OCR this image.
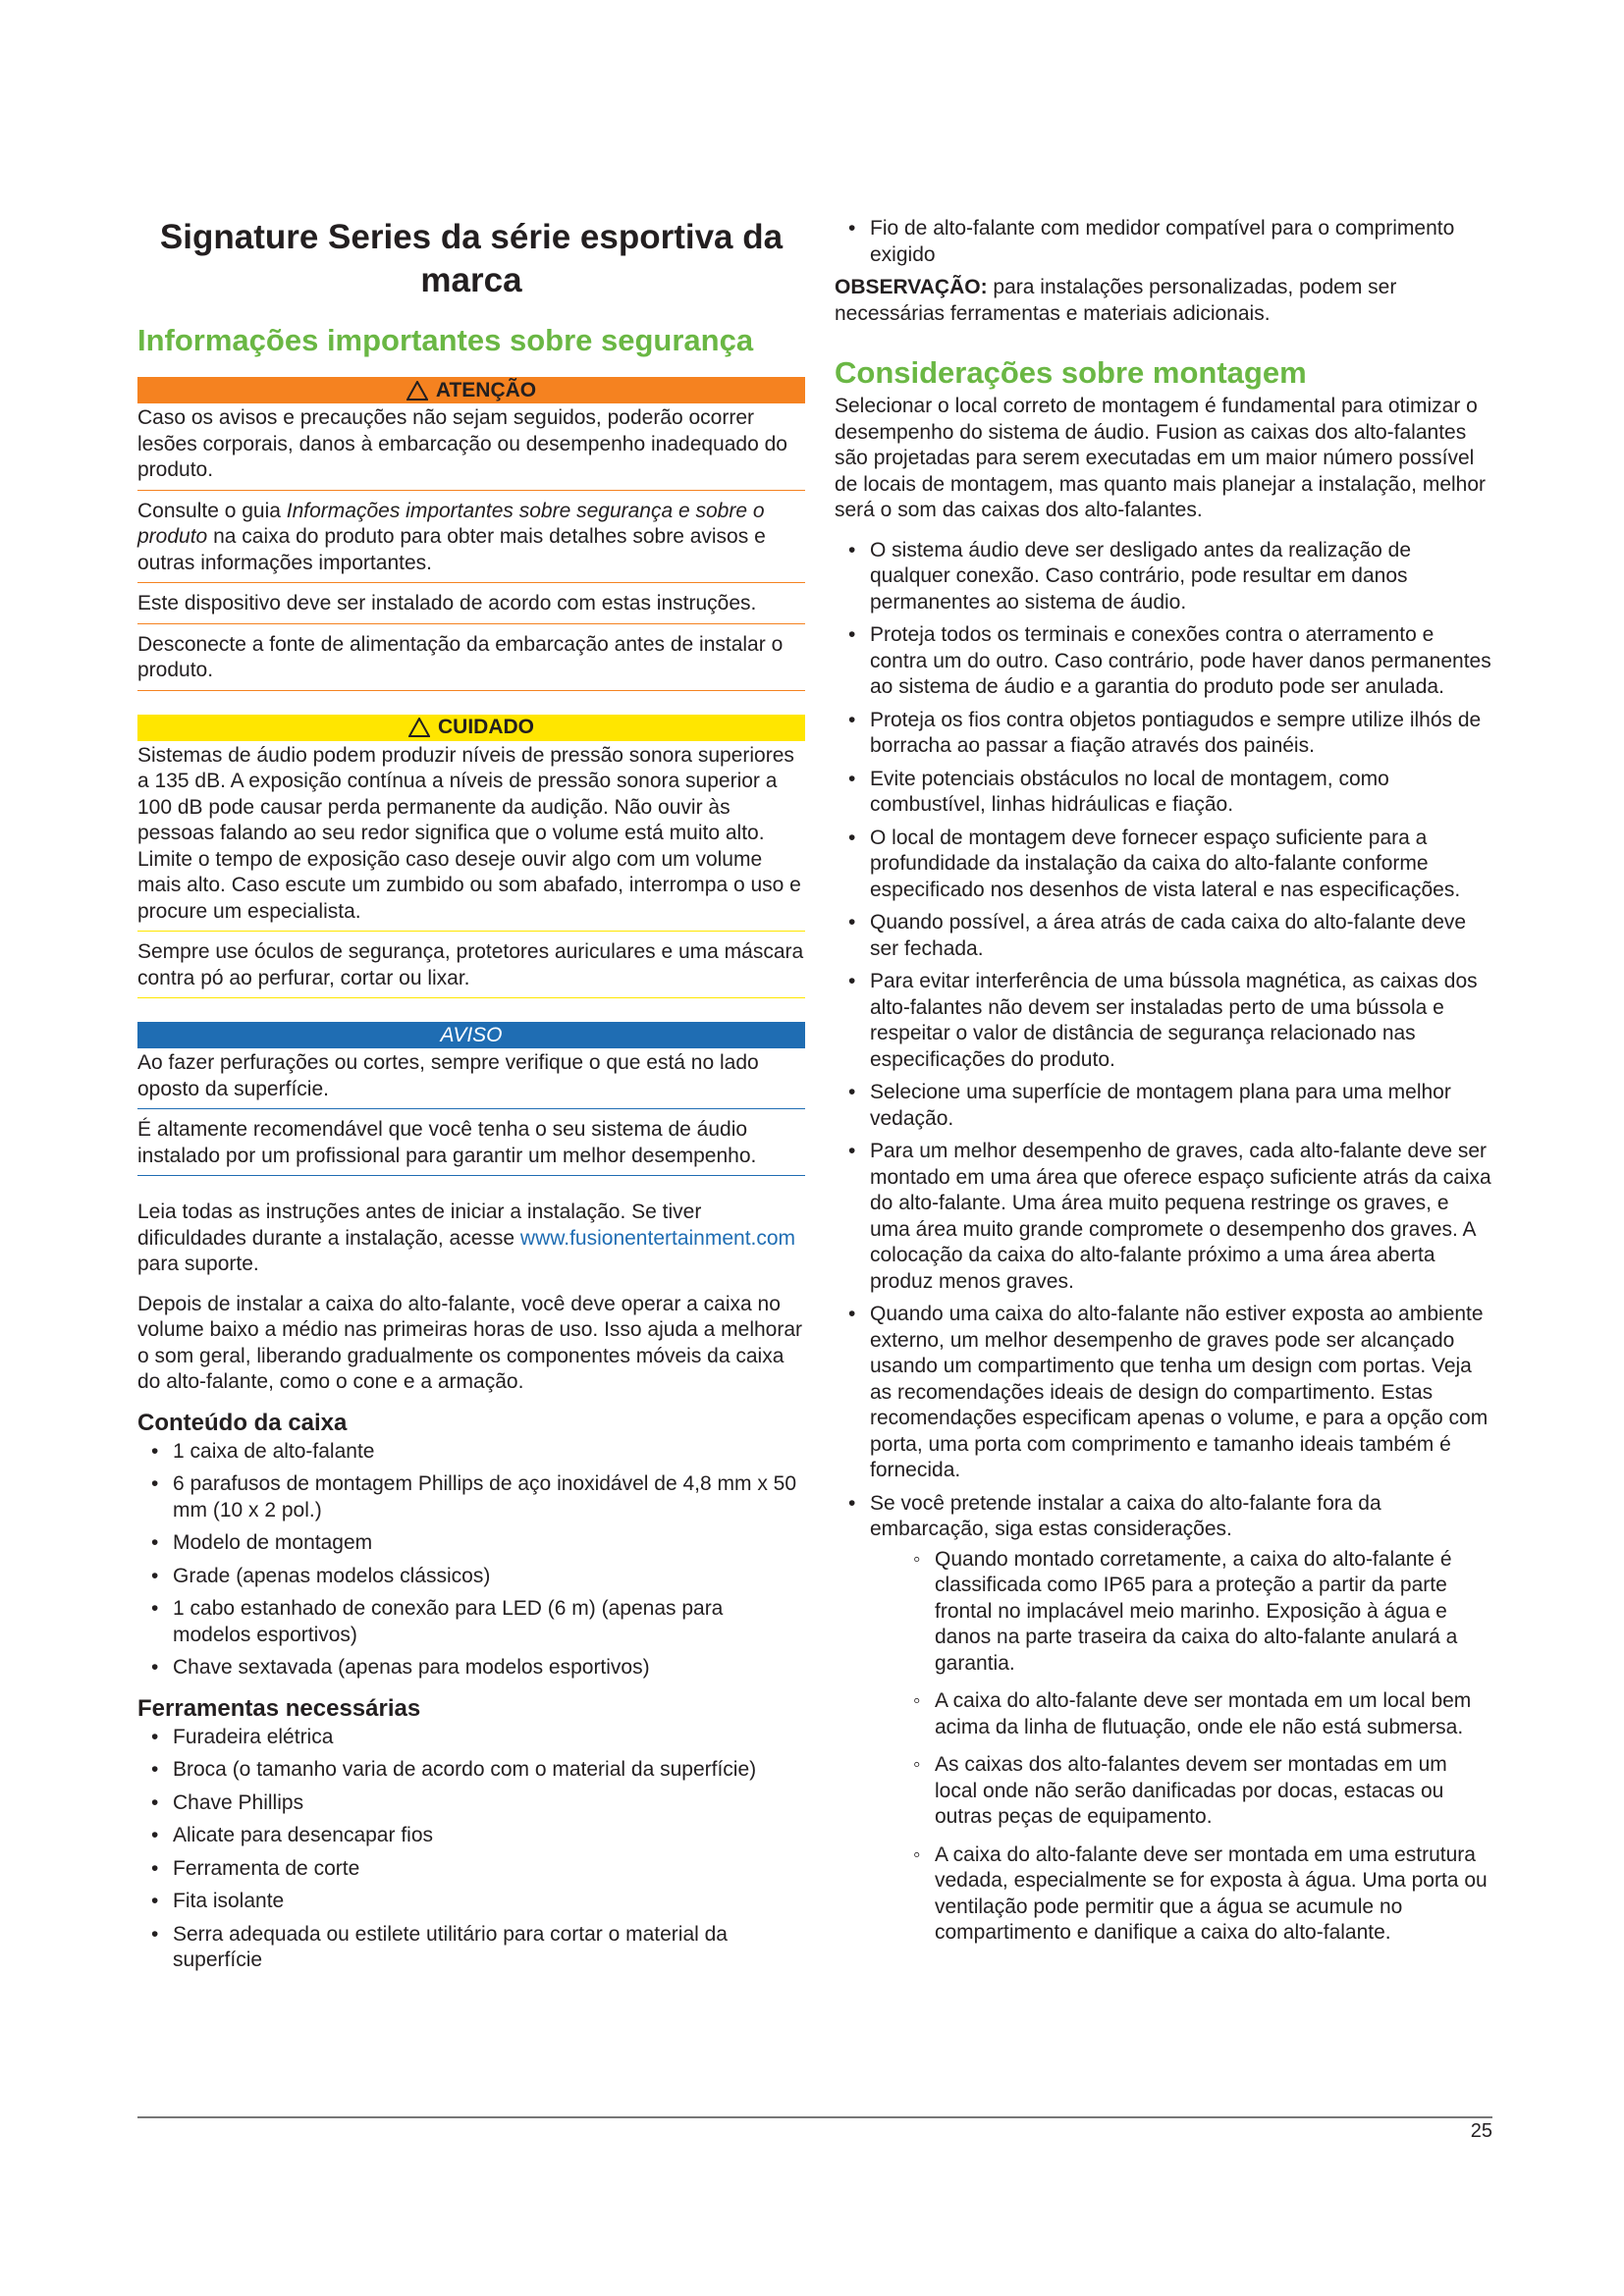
Signature Series da série esportiva da marca
Informações importantes sobre segurança
ATENÇÃO

Caso os avisos e precauções não sejam seguidos, poderão ocorrer lesões corporais, danos à embarcação ou desempenho inadequado do produto.

Consulte o guia Informações importantes sobre segurança e sobre o produto na caixa do produto para obter mais detalhes sobre avisos e outras informações importantes.

Este dispositivo deve ser instalado de acordo com estas instruções.

Desconecte a fonte de alimentação da embarcação antes de instalar o produto.

CUIDADO

Sistemas de áudio podem produzir níveis de pressão sonora superiores a 135 dB. A exposição contínua a níveis de pressão sonora superior a 100 dB pode causar perda permanente da audição. Não ouvir às pessoas falando ao seu redor significa que o volume está muito alto. Limite o tempo de exposição caso deseje ouvir algo com um volume mais alto. Caso escute um zumbido ou som abafado, interrompa o uso e procure um especialista.

Sempre use óculos de segurança, protetores auriculares e uma máscara contra pó ao perfurar, cortar ou lixar.

AVISO

Ao fazer perfurações ou cortes, sempre verifique o que está no lado oposto da superfície.

É altamente recomendável que você tenha o seu sistema de áudio instalado por um profissional para garantir um melhor desempenho.

Leia todas as instruções antes de iniciar a instalação. Se tiver dificuldades durante a instalação, acesse www.fusionentertainment.com para suporte.

Depois de instalar a caixa do alto-falante, você deve operar a caixa no volume baixo a médio nas primeiras horas de uso. Isso ajuda a melhorar o som geral, liberando gradualmente os componentes móveis da caixa do alto-falante, como o cone e a armação.

Conteúdo da caixa
• 1 caixa de alto-falante
• 6 parafusos de montagem Phillips de aço inoxidável de 4,8 mm x 50 mm (10 x 2 pol.)
• Modelo de montagem
• Grade (apenas modelos clássicos)
• 1 cabo estanhado de conexão para LED (6 m) (apenas para modelos esportivos)
• Chave sextavada (apenas para modelos esportivos)
Ferramentas necessárias
• Furadeira elétrica
• Broca (o tamanho varia de acordo com o material da superfície)
• Chave Phillips
• Alicate para desencapar fios
• Ferramenta de corte
• Fita isolante
• Serra adequada ou estilete utilitário para cortar o material da superfície
• Fio de alto-falante com medidor compatível para o comprimento exigido

OBSERVAÇÃO: para instalações personalizadas, podem ser necessárias ferramentas e materiais adicionais.

Considerações sobre montagem

Selecionar o local correto de montagem é fundamental para otimizar o desempenho do sistema de áudio. Fusion as caixas dos alto-falantes são projetadas para serem executadas em um maior número possível de locais de montagem, mas quanto mais planejar a instalação, melhor será o som das caixas dos alto-falantes.

• O sistema áudio deve ser desligado antes da realização de qualquer conexão. Caso contrário, pode resultar em danos permanentes ao sistema de áudio.
• Proteja todos os terminais e conexões contra o aterramento e contra um do outro. Caso contrário, pode haver danos permanentes ao sistema de áudio e a garantia do produto pode ser anulada.
• Proteja os fios contra objetos pontiagudos e sempre utilize ilhós de borracha ao passar a fiação através dos painéis.
• Evite potenciais obstáculos no local de montagem, como combustível, linhas hidráulicas e fiação.
• O local de montagem deve fornecer espaço suficiente para a profundidade da instalação da caixa do alto-falante conforme especificado nos desenhos de vista lateral e nas especificações.
• Quando possível, a área atrás de cada caixa do alto-falante deve ser fechada.
• Para evitar interferência de uma bússola magnética, as caixas dos alto-falantes não devem ser instaladas perto de uma bússola e respeitar o valor de distância de segurança relacionado nas especificações do produto.
• Selecione uma superfície de montagem plana para uma melhor vedação.
• Para um melhor desempenho de graves, cada alto-falante deve ser montado em uma área que oferece espaço suficiente atrás da caixa do alto-falante. Uma área muito pequena restringe os graves, e uma área muito grande compromete o desempenho dos graves. A colocação da caixa do alto-falante próximo a uma área aberta produz menos graves.
• Quando uma caixa do alto-falante não estiver exposta ao ambiente externo, um melhor desempenho de graves pode ser alcançado usando um compartimento que tenha um design com portas. Veja as recomendações ideais de design do compartimento. Estas recomendações especificam apenas o volume, e para a opção com porta, uma porta com comprimento e tamanho ideais também é fornecida.
• Se você pretende instalar a caixa do alto-falante fora da embarcação, siga estas considerações.
◦ Quando montado corretamente, a caixa do alto-falante é classificada como IP65 para a proteção a partir da parte frontal no implacável meio marinho. Exposição à água e danos na parte traseira da caixa do alto-falante anulará a garantia.
◦ A caixa do alto-falante deve ser montada em um local bem acima da linha de flutuação, onde ele não está submersa.
◦ As caixas dos alto-falantes devem ser montadas em um local onde não serão danificadas por docas, estacas ou outras peças de equipamento.
◦ A caixa do alto-falante deve ser montada em uma estrutura vedada, especialmente se for exposta à água. Uma porta ou ventilação pode permitir que a água se acumule no compartimento e danifique a caixa do alto-falante.
25
